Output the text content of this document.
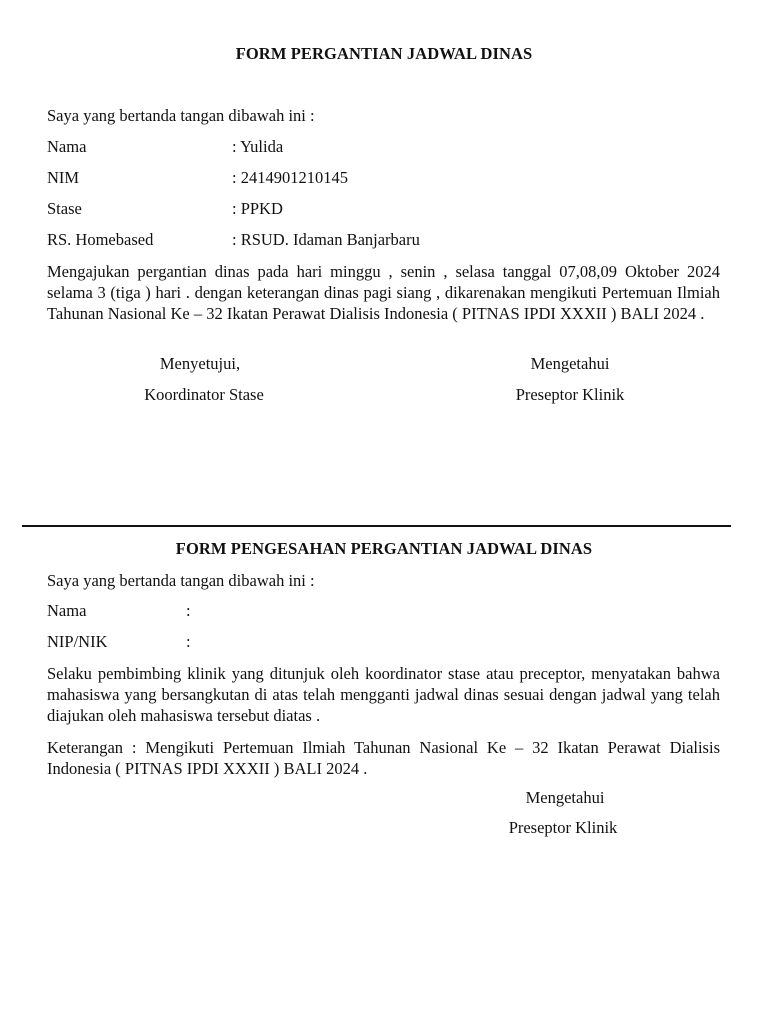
FORM PERGANTIAN JADWAL DINAS
Saya yang bertanda tangan dibawah ini :
Nama	: Yulida
NIM	: 2414901210145
Stase	: PPKD
RS. Homebased	: RSUD. Idaman Banjarbaru
Mengajukan pergantian dinas pada hari minggu , senin , selasa tanggal 07,08,09 Oktober 2024 selama 3 (tiga ) hari . dengan keterangan dinas pagi siang , dikarenakan mengikuti Pertemuan Ilmiah Tahunan Nasional Ke – 32 Ikatan Perawat Dialisis Indonesia ( PITNAS IPDI XXXII ) BALI 2024 .
Menyetujui,
Koordinator Stase
Mengetahui
Preseptor Klinik
FORM PENGESAHAN PERGANTIAN JADWAL DINAS
Saya yang bertanda tangan dibawah ini :
Nama	:
NIP/NIK	:
Selaku pembimbing klinik yang ditunjuk oleh koordinator stase atau preceptor, menyatakan bahwa mahasiswa yang bersangkutan di atas telah mengganti jadwal dinas sesuai dengan jadwal yang telah diajukan oleh mahasiswa tersebut diatas .
Keterangan : Mengikuti Pertemuan Ilmiah Tahunan Nasional Ke – 32 Ikatan Perawat Dialisis Indonesia ( PITNAS IPDI XXXII ) BALI 2024 .
Mengetahui
Preseptor Klinik
